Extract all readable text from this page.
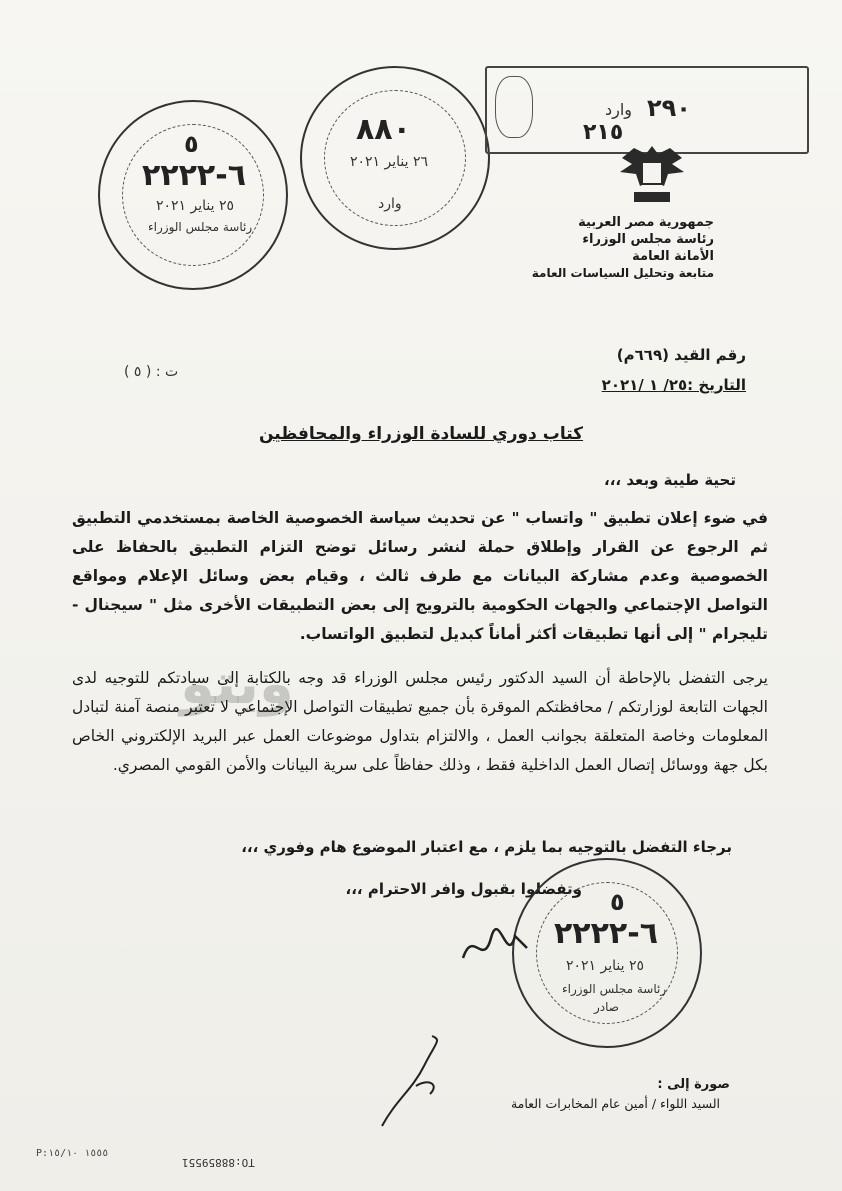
٥
٦-٢٢٢٢
٢٥ يناير ٢٠٢١
رئاسة مجلس الوزراء
٨٨٠
٢٦ يناير ٢٠٢١
وارد
وارد ٢٩٠
٢١٥
جمهورية مصر العربية
رئاسة مجلس الوزراء
الأمانة العامة
متابعة وتحليل السياسات العامة
رقم القيد (٦٦٩م)
التاريخ :٢٥/ ١ /٢٠٢١
ت : ( ٥ )
كتاب دوري للسادة الوزراء والمحافظين
تحية طيبة وبعد ،،،
في ضوء إعلان تطبيق " واتساب " عن تحديث سياسة الخصوصية الخاصة بمستخدمي التطبيق ثم الرجوع عن القرار وإطلاق حملة لنشر رسائل توضح التزام التطبيق بالحفاظ على الخصوصية وعدم مشاركة البيانات مع طرف ثالث ، وقيام بعض وسائل الإعلام ومواقع التواصل الإجتماعي والجهات الحكومية بالترويج إلى بعض التطبيقات الأخرى مثل " سيجنال - تليجرام " إلى أنها تطبيقات أكثر أماناً كبديل لتطبيق الواتساب.
ويتو
يرجى التفضل بالإحاطة أن السيد الدكتور رئيس مجلس الوزراء قد وجه بالكتابة إلى سيادتكم للتوجيه لدى الجهات التابعة لوزارتكم / محافظتكم الموقرة بأن جميع تطبيقات التواصل الإجتماعي لا تعتبر منصة آمنة لتبادل المعلومات وخاصة المتعلقة بجوانب العمل ، والالتزام بتداول موضوعات العمل عبر البريد الإلكتروني الخاص بكل جهة ووسائل إتصال العمل الداخلية فقط ، وذلك حفاظاً على سرية البيانات والأمن القومي المصري.
برجاء التفضل بالتوجيه بما يلزم ، مع اعتبار الموضوع هام وفوري ،،،
وتفضلوا بقبول وافر الاحترام ،،، ٥
٦-٢٢٢٢
٢٥ يناير ٢٠٢١
رئاسة مجلس الوزراء
صادر
صورة إلى :
السيد اللواء / أمين عام المخابرات العامة
P:١٥٥٥ ١٥/١٠
TO:88859551
